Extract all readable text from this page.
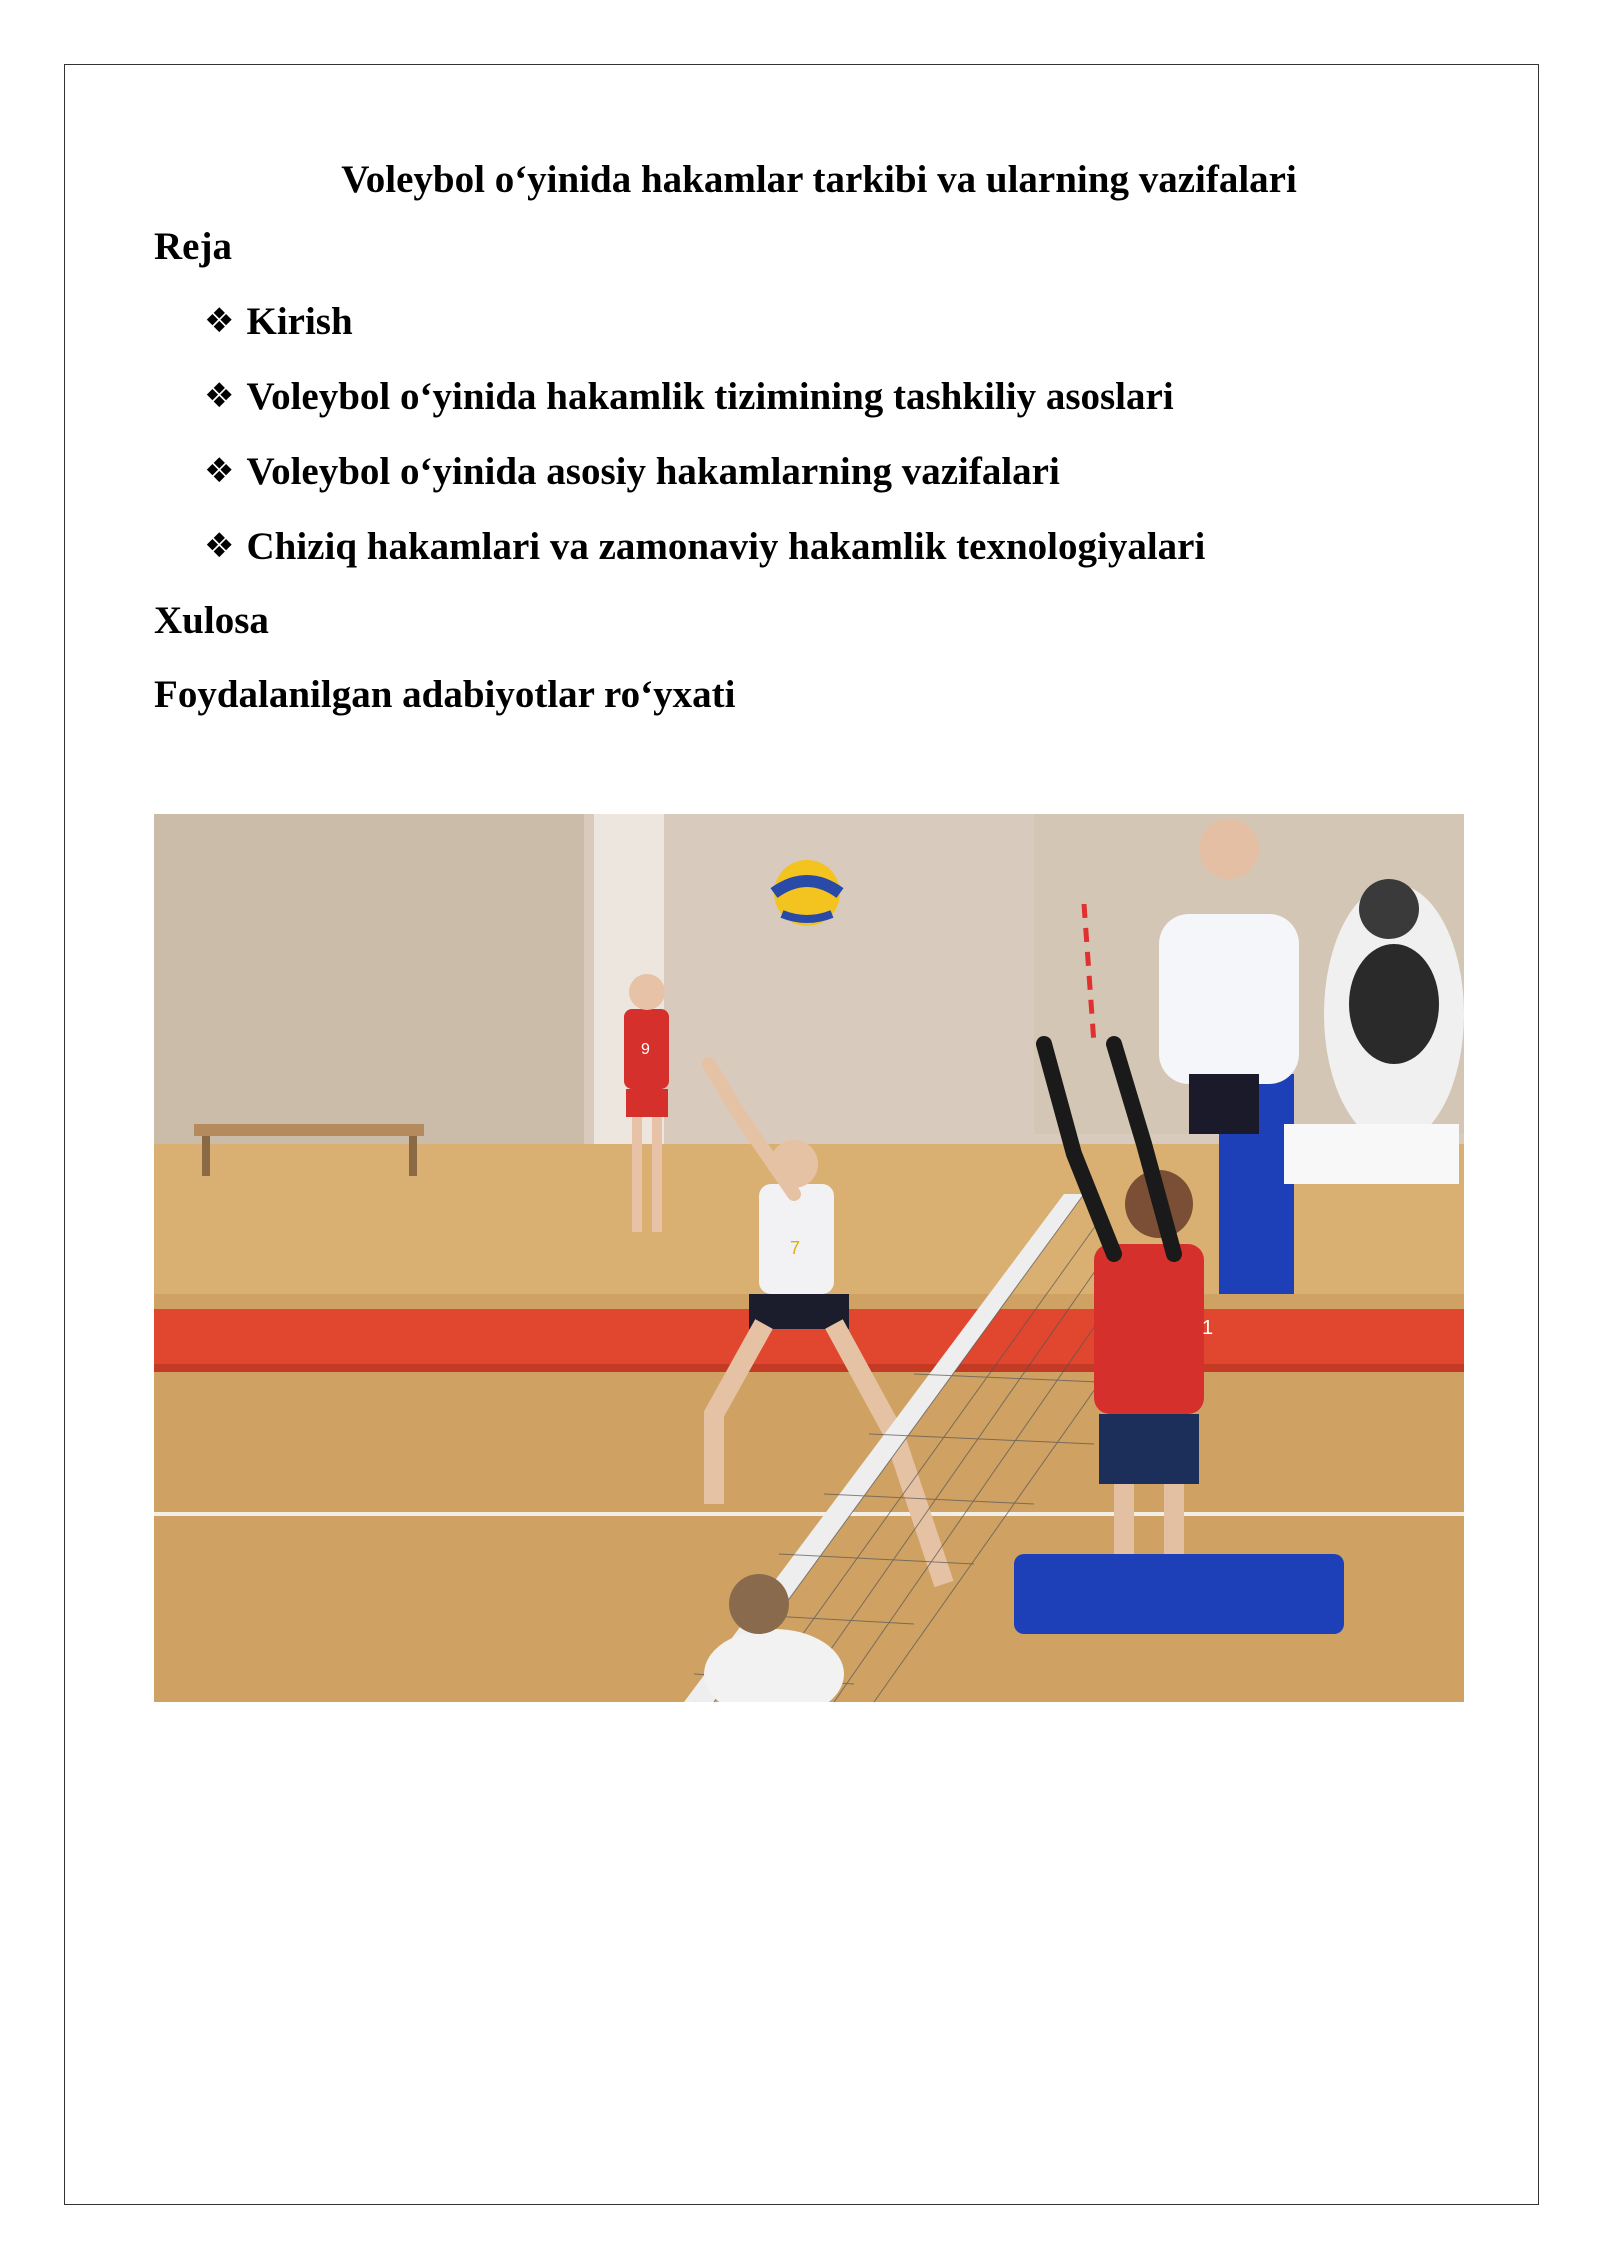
Voleybol o‘yinida hakamlar tarkibi va ularning vazifalari

Reja

❖ Kirish
❖ Voleybol o‘yinida hakamlik tizimining tashkiliy asoslari
❖ Voleybol o‘yinida asosiy hakamlarning vazifalari
❖ Chiziq hakamlari va zamonaviy hakamlik texnologiyalari

Xulosa

Foydalanilgan adabiyotlar ro‘yxati

9
7
1
